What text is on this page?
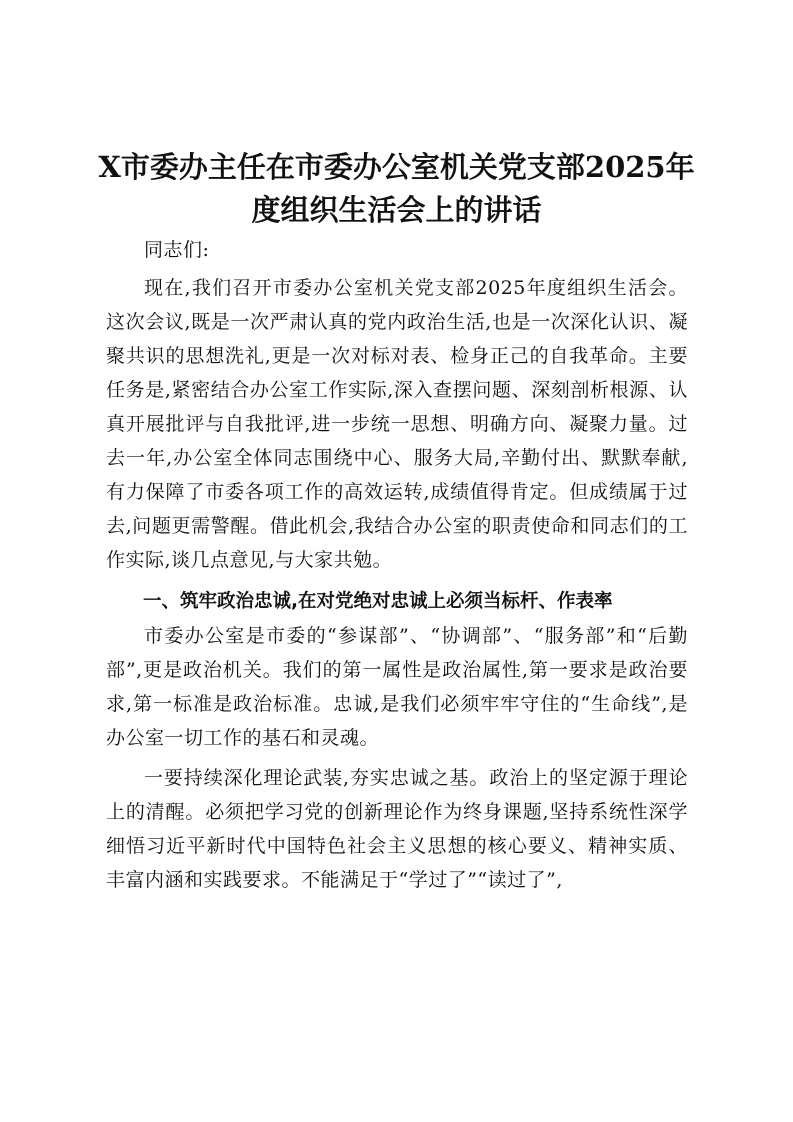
X市委办主任在市委办公室机关党支部2025年度组织生活会上的讲话

同志们:

现在,我们召开市委办公室机关党支部2025年度组织生活会。这次会议,既是一次严肃认真的党内政治生活,也是一次深化认识、凝聚共识的思想洗礼,更是一次对标对表、检身正己的自我革命。主要任务是,紧密结合办公室工作实际,深入查摆问题、深刻剖析根源、认真开展批评与自我批评,进一步统一思想、明确方向、凝聚力量。过去一年,办公室全体同志围绕中心、服务大局,辛勤付出、默默奉献,有力保障了市委各项工作的高效运转,成绩值得肯定。但成绩属于过去,问题更需警醒。借此机会,我结合办公室的职责使命和同志们的工作实际,谈几点意见,与大家共勉。

一、筑牢政治忠诚,在对党绝对忠诚上必须当标杆、作表率

市委办公室是市委的“参谋部”、“协调部”、“服务部”和“后勤部”,更是政治机关。我们的第一属性是政治属性,第一要求是政治要求,第一标准是政治标准。忠诚,是我们必须牢牢守住的“生命线”,是办公室一切工作的基石和灵魂。

一要持续深化理论武装,夯实忠诚之基。政治上的坚定源于理论上的清醒。必须把学习党的创新理论作为终身课题,坚持系统性深学细悟习近平新时代中国特色社会主义思想的核心要义、精神实质、丰富内涵和实践要求。不能满足于“学过了”“读过了”,
